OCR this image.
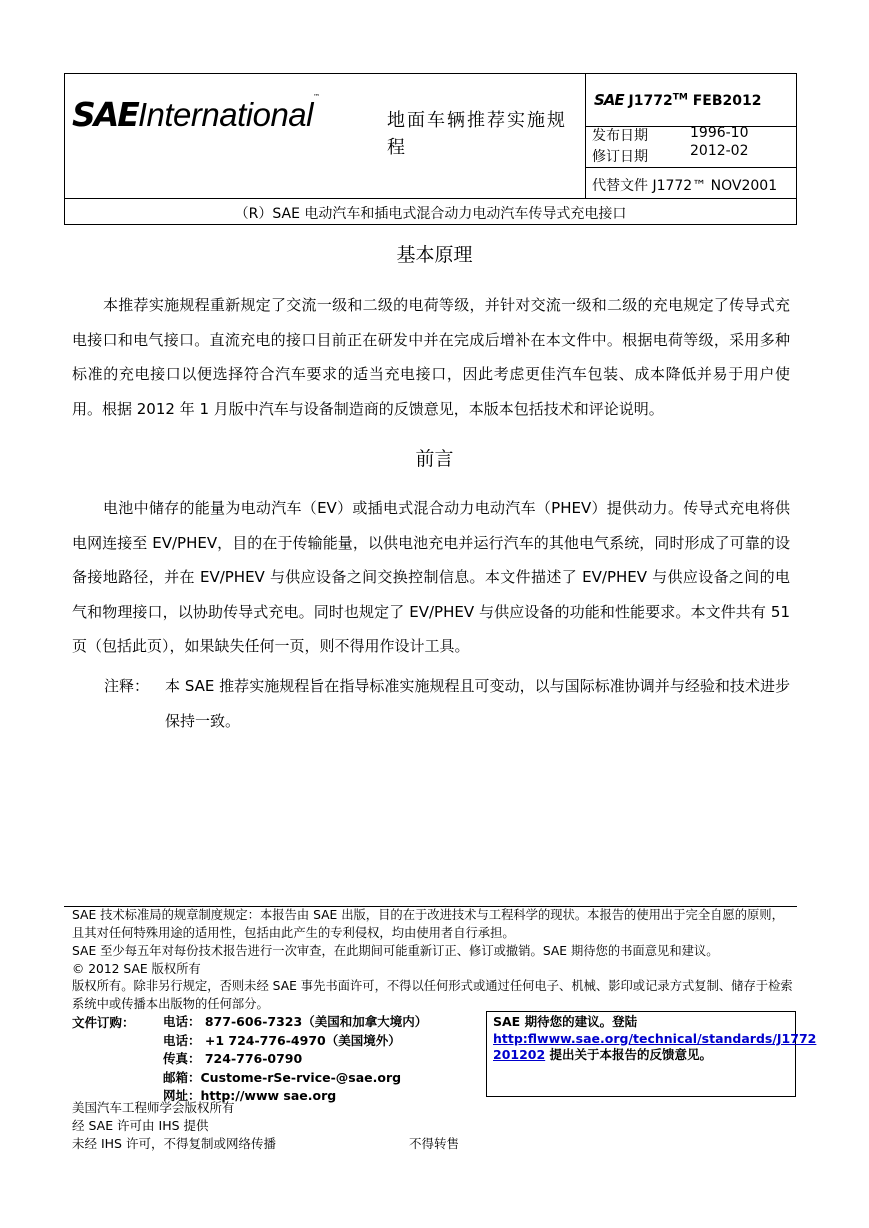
SAEInternational™
地面车辆推荐实施规程
SAE J1772™ FEB2012
发布日期	1996-10
修订日期	2012-02
代替文件 J1772™ NOV2001
（R）SAE 电动汽车和插电式混合动力电动汽车传导式充电接口
基本原理

本推荐实施规程重新规定了交流一级和二级的电荷等级，并针对交流一级和二级的充电规定了传导式充电接口和电气接口。直流充电的接口目前正在研发中并在完成后增补在本文件中。根据电荷等级，采用多种标准的充电接口以便选择符合汽车要求的适当充电接口，因此考虑更佳汽车包装、成本降低并易于用户使用。根据 2012 年 1 月版中汽车与设备制造商的反馈意见，本版本包括技术和评论说明。

前言

电池中储存的能量为电动汽车（EV）或插电式混合动力电动汽车（PHEV）提供动力。传导式充电将供电网连接至 EV/PHEV，目的在于传输能量，以供电池充电并运行汽车的其他电气系统，同时形成了可靠的设备接地路径，并在 EV/PHEV 与供应设备之间交换控制信息。本文件描述了 EV/PHEV 与供应设备之间的电气和物理接口，以协助传导式充电。同时也规定了 EV/PHEV 与供应设备的功能和性能要求。本文件共有 51 页（包括此页），如果缺失任何一页，则不得用作设计工具。

注释： 本 SAE 推荐实施规程旨在指导标准实施规程且可变动，以与国际标准协调并与经验和技术进步保持一致。
SAE 技术标准局的规章制度规定：本报告由 SAE 出版，目的在于改进技术与工程科学的现状。本报告的使用出于完全自愿的原则，且其对任何特殊用途的适用性，包括由此产生的专利侵权，均由使用者自行承担。
SAE 至少每五年对每份技术报告进行一次审查，在此期间可能重新订正、修订或撤销。SAE 期待您的书面意见和建议。
© 2012 SAE 版权所有
版权所有。除非另行规定，否则未经 SAE 事先书面许可，不得以任何形式或通过任何电子、机械、影印或记录方式复制、储存于检索系统中或传播本出版物的任何部分。
文件订购： 电话： 877-606-7323（美国和加拿大境内）
电话： +1 724-776-4970（美国境外）
传真： 724-776-0790
邮箱：Custome-rSe-rvice-@sae.org
网址：http://www sae.org
SAE 期待您的建议。登陆
http:flwww.sae.org/technical/standards/J1772 201202 提出关于本报告的反馈意见。
美国汽车工程师学会版权所有
经 SAE 许可由 IHS 提供
未经 IHS 许可，不得复制或网络传播	不得转售
